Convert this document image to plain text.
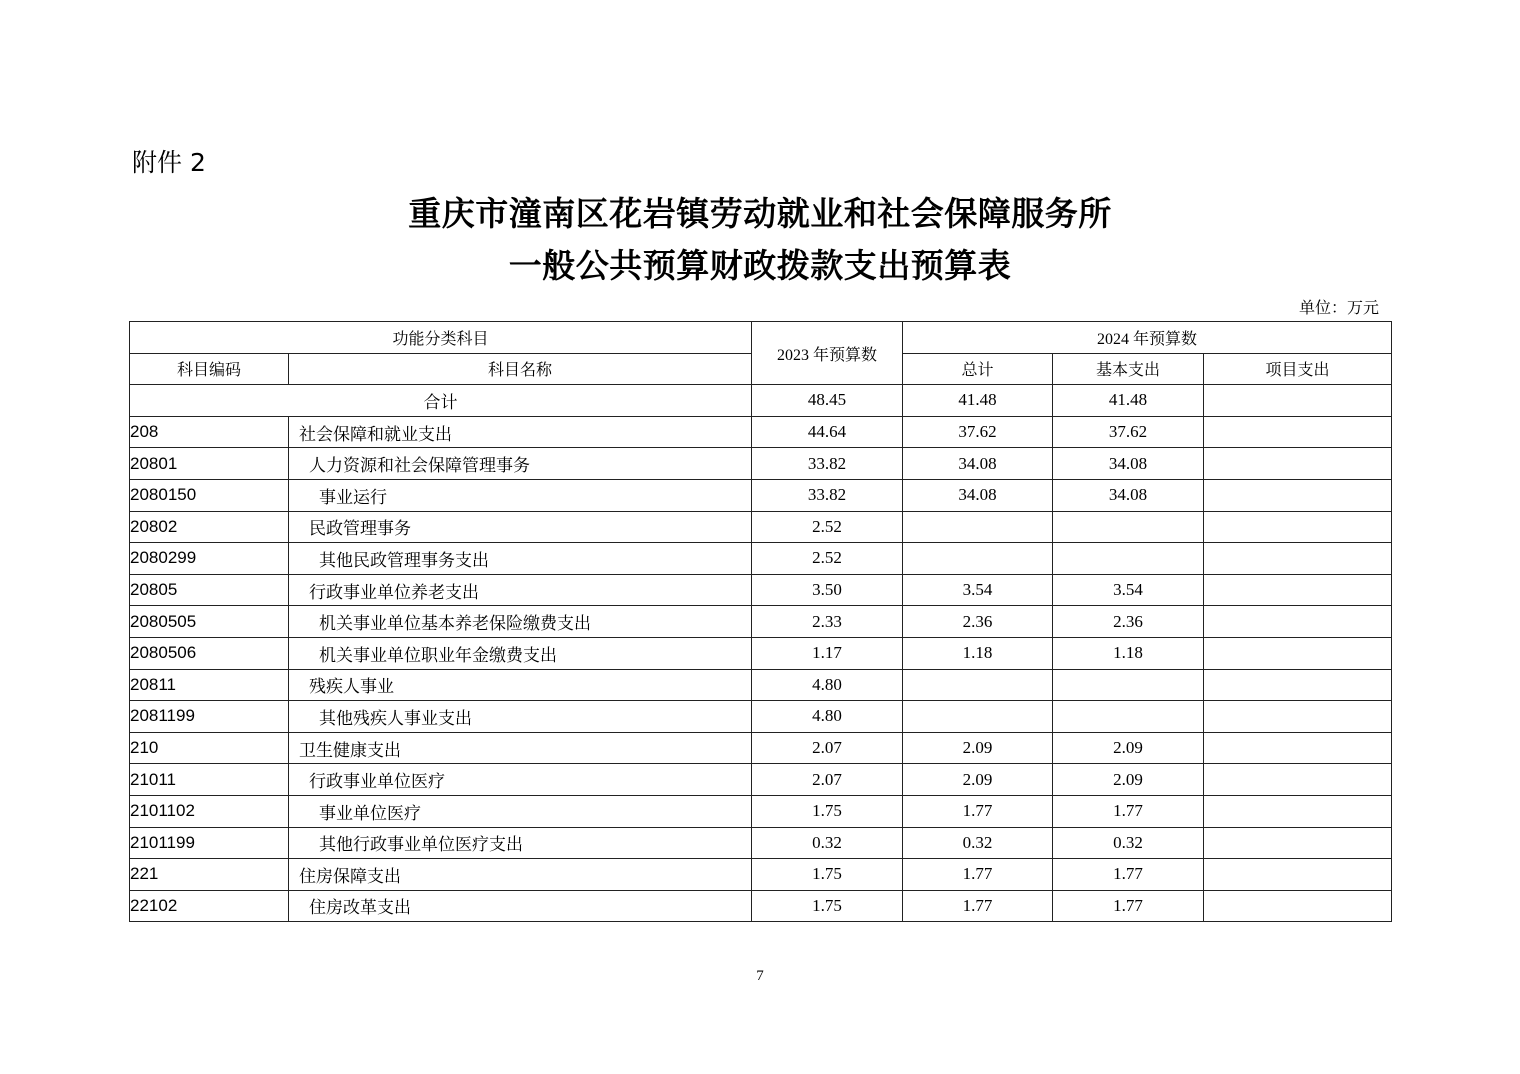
附件 2
重庆市潼南区花岩镇劳动就业和社会保障服务所
一般公共预算财政拨款支出预算表
单位：万元
功能分类科目		2023 年预算数	2024 年预算数		
科目编码	科目名称		总计	基本支出	项目支出
合计		48.45	41.48	41.48	
208	社会保障和就业支出	44.64	37.62	37.62	
20801	人力资源和社会保障管理事务	33.82	34.08	34.08	
2080150	事业运行	33.82	34.08	34.08	
20802	民政管理事务	2.52			
2080299	其他民政管理事务支出	2.52			
20805	行政事业单位养老支出	3.50	3.54	3.54	
2080505	机关事业单位基本养老保险缴费支出	2.33	2.36	2.36	
2080506	机关事业单位职业年金缴费支出	1.17	1.18	1.18	
20811	残疾人事业	4.80			
2081199	其他残疾人事业支出	4.80			
210	卫生健康支出	2.07	2.09	2.09	
21011	行政事业单位医疗	2.07	2.09	2.09	
2101102	事业单位医疗	1.75	1.77	1.77	
2101199	其他行政事业单位医疗支出	0.32	0.32	0.32	
221	住房保障支出	1.75	1.77	1.77	
22102	住房改革支出	1.75	1.77	1.77	
7
